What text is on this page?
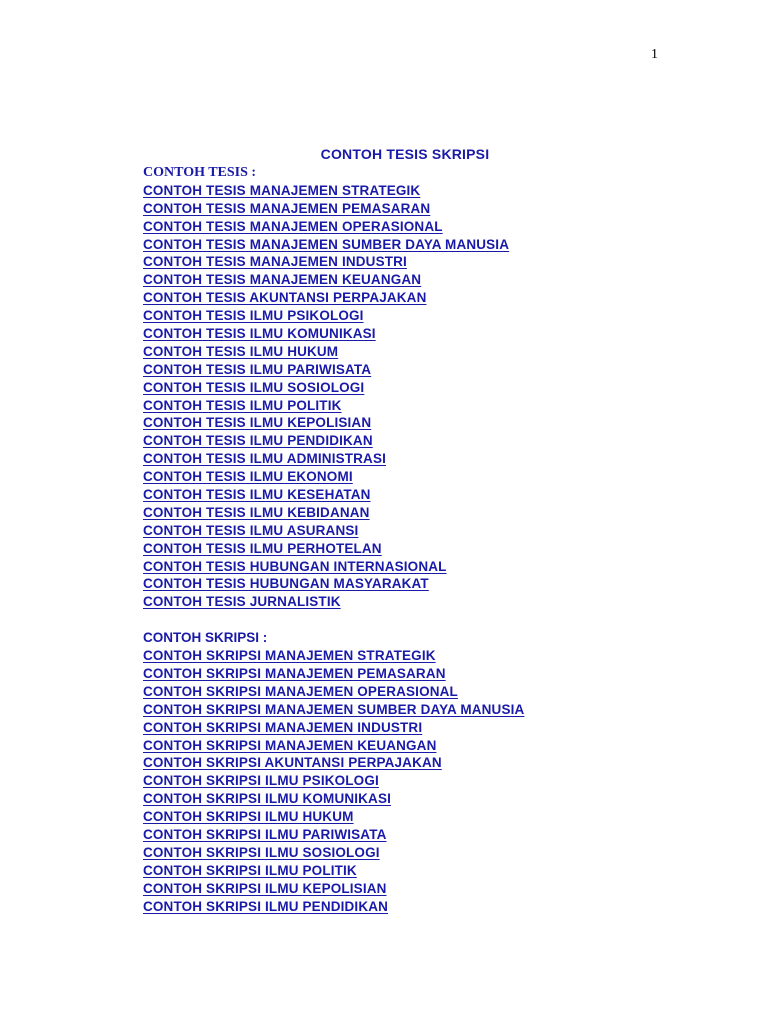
1
CONTOH TESIS SKRIPSI
CONTOH TESIS :
CONTOH TESIS MANAJEMEN STRATEGIK
CONTOH TESIS MANAJEMEN PEMASARAN
CONTOH TESIS MANAJEMEN OPERASIONAL
CONTOH TESIS MANAJEMEN SUMBER DAYA MANUSIA
CONTOH TESIS MANAJEMEN INDUSTRI
CONTOH TESIS MANAJEMEN KEUANGAN
CONTOH TESIS AKUNTANSI PERPAJAKAN
CONTOH TESIS ILMU PSIKOLOGI
CONTOH TESIS ILMU KOMUNIKASI
CONTOH TESIS ILMU HUKUM
CONTOH TESIS ILMU PARIWISATA
CONTOH TESIS ILMU SOSIOLOGI
CONTOH TESIS ILMU POLITIK
CONTOH TESIS ILMU KEPOLISIAN
CONTOH TESIS ILMU PENDIDIKAN
CONTOH TESIS ILMU ADMINISTRASI
CONTOH TESIS ILMU EKONOMI
CONTOH TESIS ILMU KESEHATAN
CONTOH TESIS ILMU KEBIDANAN
CONTOH TESIS ILMU ASURANSI
CONTOH TESIS ILMU PERHOTELAN
CONTOH TESIS HUBUNGAN INTERNASIONAL
CONTOH TESIS HUBUNGAN MASYARAKAT
CONTOH TESIS JURNALISTIK
CONTOH SKRIPSI :
CONTOH SKRIPSI MANAJEMEN STRATEGIK
CONTOH SKRIPSI MANAJEMEN PEMASARAN
CONTOH SKRIPSI MANAJEMEN OPERASIONAL
CONTOH SKRIPSI MANAJEMEN SUMBER DAYA MANUSIA
CONTOH SKRIPSI MANAJEMEN INDUSTRI
CONTOH SKRIPSI MANAJEMEN KEUANGAN
CONTOH SKRIPSI AKUNTANSI PERPAJAKAN
CONTOH SKRIPSI ILMU PSIKOLOGI
CONTOH SKRIPSI ILMU KOMUNIKASI
CONTOH SKRIPSI ILMU HUKUM
CONTOH SKRIPSI ILMU PARIWISATA
CONTOH SKRIPSI ILMU SOSIOLOGI
CONTOH SKRIPSI ILMU POLITIK
CONTOH SKRIPSI ILMU KEPOLISIAN
CONTOH SKRIPSI ILMU PENDIDIKAN
